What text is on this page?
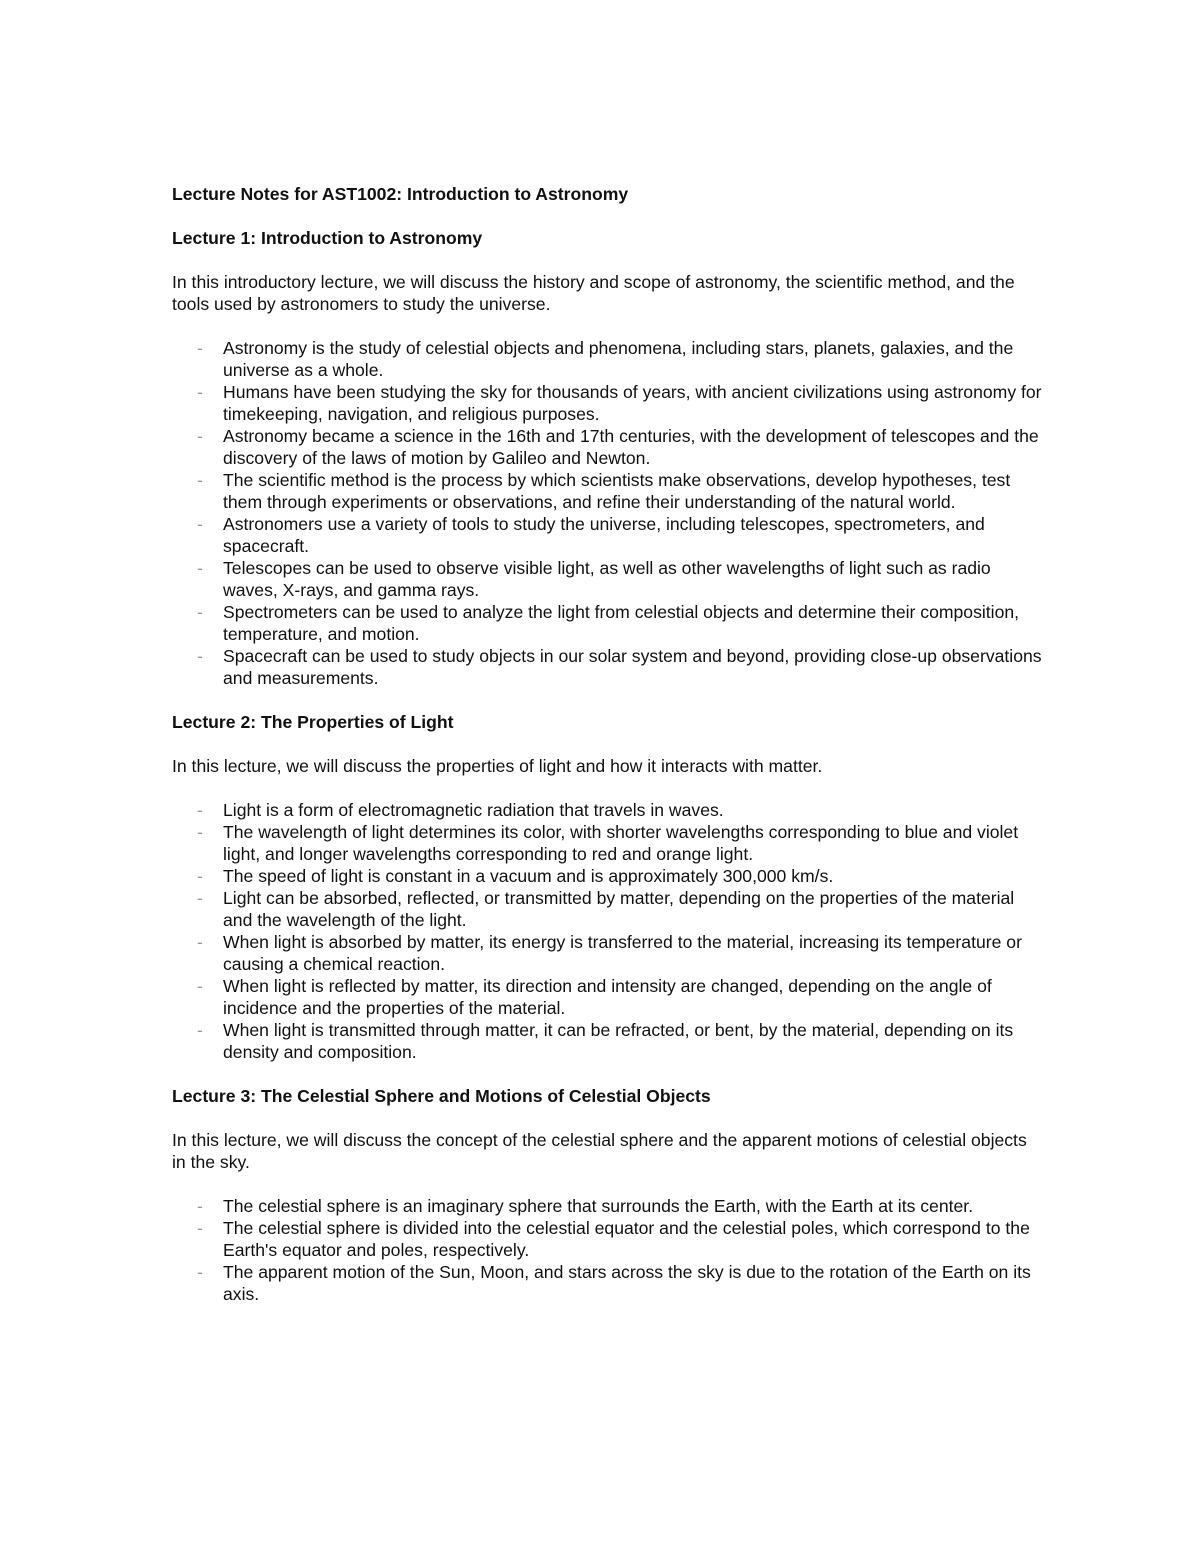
Lecture Notes for AST1002: Introduction to Astronomy
Lecture 1: Introduction to Astronomy

In this introductory lecture, we will discuss the history and scope of astronomy, the scientific method, and the tools used by astronomers to study the universe.

- Astronomy is the study of celestial objects and phenomena, including stars, planets, galaxies, and the universe as a whole.
- Humans have been studying the sky for thousands of years, with ancient civilizations using astronomy for timekeeping, navigation, and religious purposes.
- Astronomy became a science in the 16th and 17th centuries, with the development of telescopes and the discovery of the laws of motion by Galileo and Newton.
- The scientific method is the process by which scientists make observations, develop hypotheses, test them through experiments or observations, and refine their understanding of the natural world.
- Astronomers use a variety of tools to study the universe, including telescopes, spectrometers, and spacecraft.
- Telescopes can be used to observe visible light, as well as other wavelengths of light such as radio waves, X-rays, and gamma rays.
- Spectrometers can be used to analyze the light from celestial objects and determine their composition, temperature, and motion.
- Spacecraft can be used to study objects in our solar system and beyond, providing close-up observations and measurements.
Lecture 2: The Properties of Light

In this lecture, we will discuss the properties of light and how it interacts with matter.

- Light is a form of electromagnetic radiation that travels in waves.
- The wavelength of light determines its color, with shorter wavelengths corresponding to blue and violet light, and longer wavelengths corresponding to red and orange light.
- The speed of light is constant in a vacuum and is approximately 300,000 km/s.
- Light can be absorbed, reflected, or transmitted by matter, depending on the properties of the material and the wavelength of the light.
- When light is absorbed by matter, its energy is transferred to the material, increasing its temperature or causing a chemical reaction.
- When light is reflected by matter, its direction and intensity are changed, depending on the angle of incidence and the properties of the material.
- When light is transmitted through matter, it can be refracted, or bent, by the material, depending on its density and composition.
Lecture 3: The Celestial Sphere and Motions of Celestial Objects

In this lecture, we will discuss the concept of the celestial sphere and the apparent motions of celestial objects in the sky.

- The celestial sphere is an imaginary sphere that surrounds the Earth, with the Earth at its center.
- The celestial sphere is divided into the celestial equator and the celestial poles, which correspond to the Earth's equator and poles, respectively.
- The apparent motion of the Sun, Moon, and stars across the sky is due to the rotation of the Earth on its axis.
